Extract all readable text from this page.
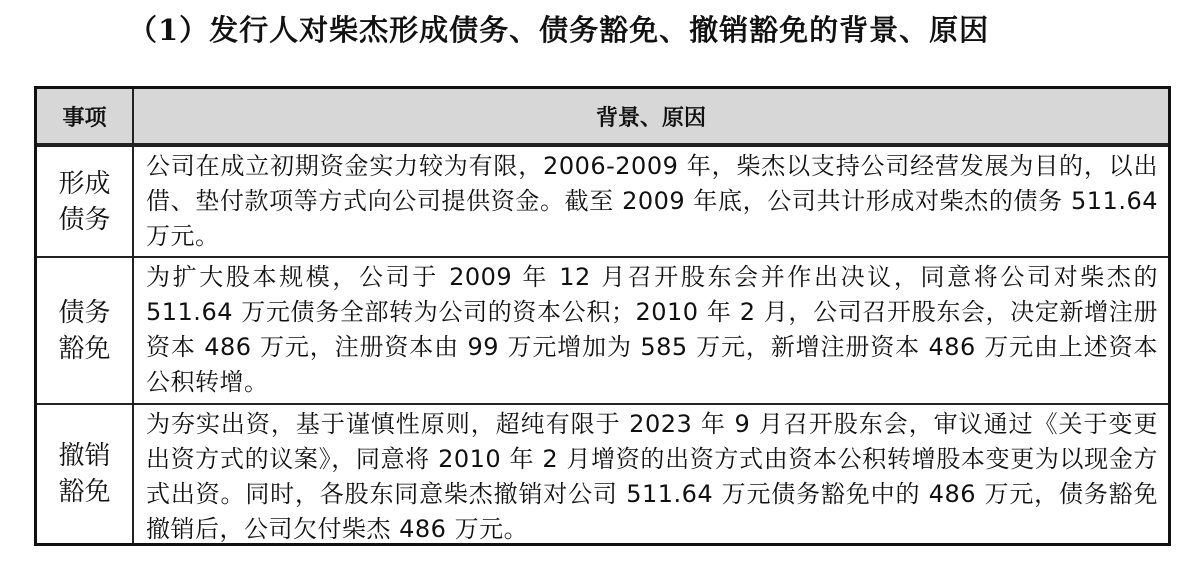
（1）发行人对柴杰形成债务、债务豁免、撤销豁免的背景、原因
事项	背景、原因
形成债务
公司在成立初期资金实力较为有限，2006-2009 年，柴杰以支持公司经营发展为目的，以出借、垫付款项等方式向公司提供资金。截至 2009 年底，公司共计形成对柴杰的债务 511.64 万元。
债务豁免
为扩大股本规模，公司于 2009 年 12 月召开股东会并作出决议，同意将公司对柴杰的 511.64 万元债务全部转为公司的资本公积；2010 年 2 月，公司召开股东会，决定新增注册资本 486 万元，注册资本由 99 万元增加为 585 万元，新增注册资本 486 万元由上述资本公积转增。
撤销豁免
为夯实出资，基于谨慎性原则，超纯有限于 2023 年 9 月召开股东会，审议通过《关于变更出资方式的议案》，同意将 2010 年 2 月增资的出资方式由资本公积转增股本变更为以现金方式出资。同时，各股东同意柴杰撤销对公司 511.64 万元债务豁免中的 486 万元，债务豁免撤销后，公司欠付柴杰 486 万元。
